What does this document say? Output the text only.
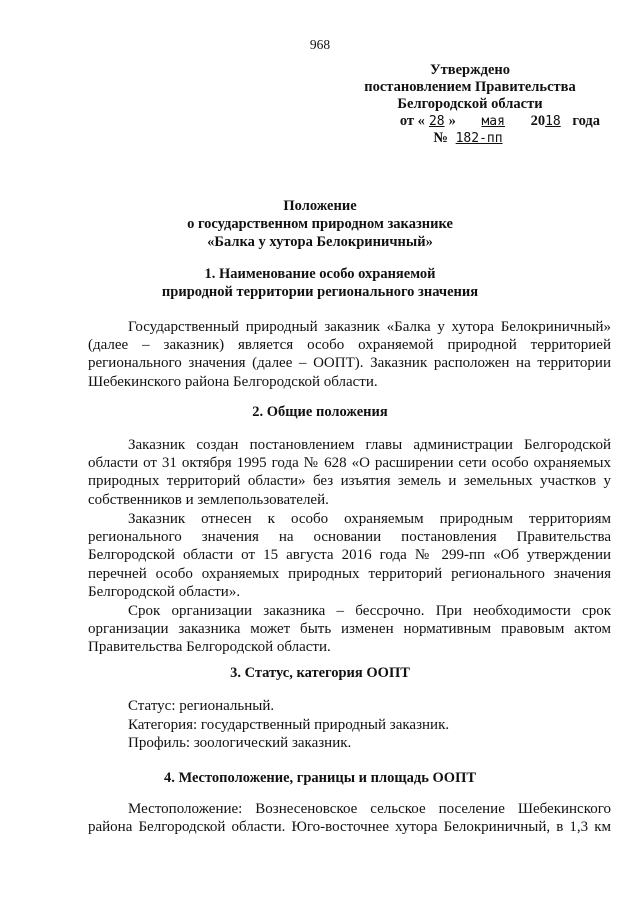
968
Утверждено
постановлением Правительства
Белгородской области
от « 28 » мая 2018 года
№ 182-пп
Положение
о государственном природном заказнике
«Балка у хутора Белокриничный»
1. Наименование особо охраняемой
природной территории регионального значения

Государственный природный заказник «Балка у хутора Белокриничный» (далее – заказник) является особо охраняемой природной территорией регионального значения (далее – ООПТ). Заказник расположен на территории Шебекинского района Белгородской области.

2. Общие положения

Заказник создан постановлением главы администрации Белгородской области от 31 октября 1995 года № 628 «О расширении сети особо охраняемых природных территорий области» без изъятия земель и земельных участков у собственников и землепользователей.

Заказник отнесен к особо охраняемым природным территориям регионального значения на основании постановления Правительства Белгородской области от 15 августа 2016 года № 299-пп «Об утверждении перечней особо охраняемых природных территорий регионального значения Белгородской области».

Срок организации заказника – бессрочно. При необходимости срок организации заказника может быть изменен нормативным правовым актом Правительства Белгородской области.

3. Статус, категория ООПТ
Статус: региональный.
Категория: государственный природный заказник.
Профиль: зоологический заказник.
4. Местоположение, границы и площадь ООПТ

Местоположение: Вознесеновское сельское поселение Шебекинского района Белгородской области. Юго-восточнее хутора Белокриничный, в 1,3 км
